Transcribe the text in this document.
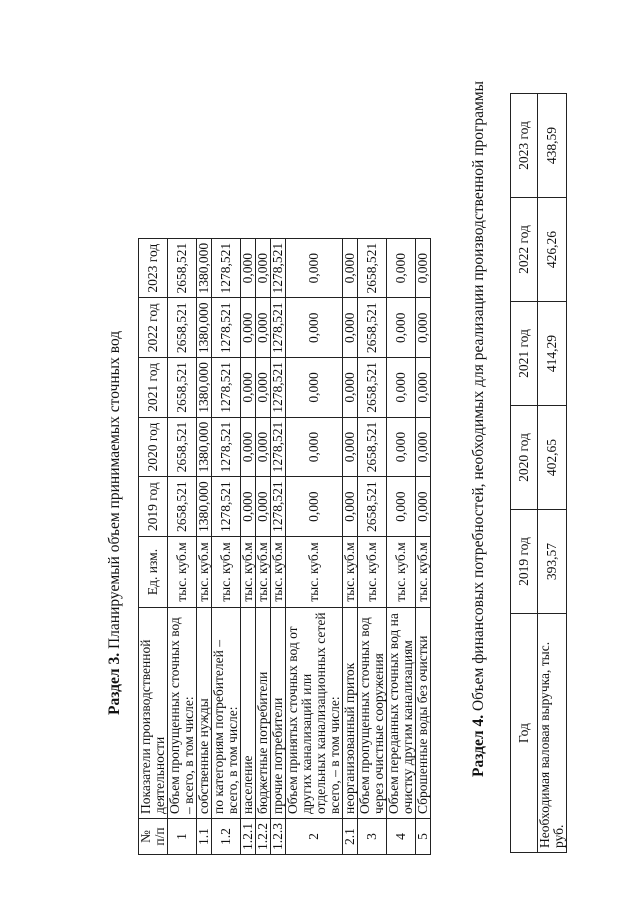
Раздел 3. Планируемый объем принимаемых сточных вод
№ п/п	Показатели производственной деятельности	Ед. изм.	2019 год	2020 год	2021 год	2022 год	2023 год
1	Объем пропущенных сточных вод – всего, в том числе:	тыс. куб.м	2658,521	2658,521	2658,521	2658,521	2658,521
1.1	собственные нужды	тыс. куб.м	1380,000	1380,000	1380,000	1380,000	1380,000
1.2	по категориям потребителей – всего, в том числе:	тыс. куб.м	1278,521	1278,521	1278,521	1278,521	1278,521
1.2.1	население	тыс. куб.м	0,000	0,000	0,000	0,000	0,000
1.2.2	бюджетные потребители	тыс. куб.м	0,000	0,000	0,000	0,000	0,000
1.2.3	прочие потребители	тыс. куб.м	1278,521	1278,521	1278,521	1278,521	1278,521
2	Объем принятых сточных вод от других канализаций или отдельных канализационных сетей всего, – в том числе:	тыс. куб.м	0,000	0,000	0,000	0,000	0,000
2.1	неорганизованный приток	тыс. куб.м	0,000	0,000	0,000	0,000	0,000
3	Объем пропущенных сточных вод через очистные сооружения	тыс. куб.м	2658,521	2658,521	2658,521	2658,521	2658,521
4	Объем переданных сточных вод на очистку другим канализациям	тыс. куб.м	0,000	0,000	0,000	0,000	0,000
5	Сброшенные воды без очистки	тыс. куб.м	0,000	0,000	0,000	0,000	0,000
Раздел 4. Объем финансовых потребностей, необходимых для реализации производственной программы
Год	2019 год	2020 год	2021 год	2022 год	2023 год
Необходимая валовая выручка, тыс. руб.	393,57	402,65	414,29	426,26	438,59
